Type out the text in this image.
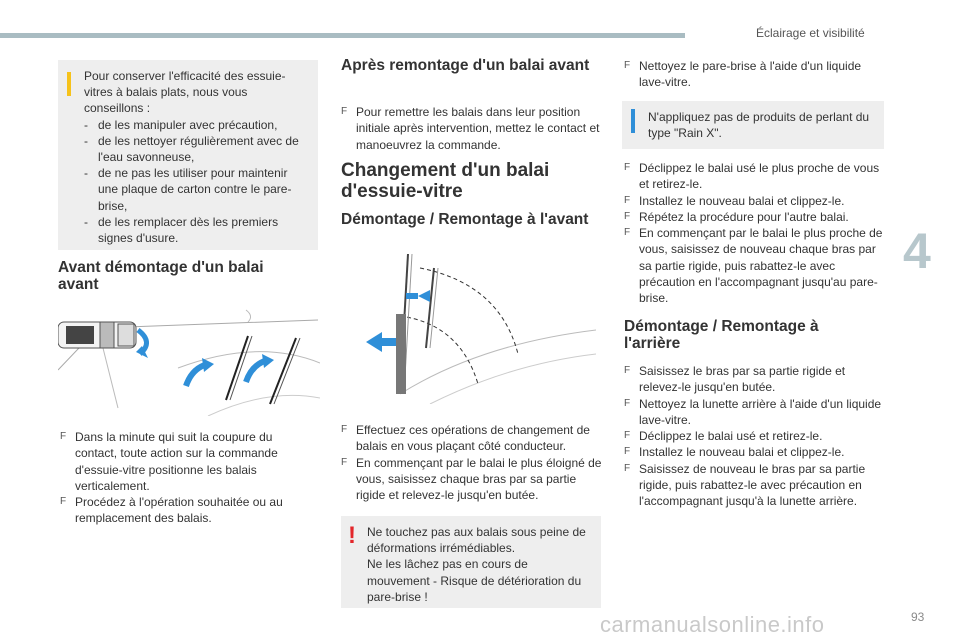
Éclairage et visibilité
4
93
carmanualsonline.info

Pour conserver l'efficacité des essuie-vitres à balais plats, nous vous conseillons :

- de les manipuler avec précaution,

- de les nettoyer régulièrement avec de l'eau savonneuse,

- de ne pas les utiliser pour maintenir une plaque de carton contre le pare-brise,

- de les remplacer dès les premiers signes d'usure.

Avant démontage d'un balai avant
F Dans la minute qui suit la coupure du contact, toute action sur la commande d'essuie-vitre positionne les balais verticalement.
F Procédez à l'opération souhaitée ou au remplacement des balais.
Après remontage d'un balai avant
F Pour remettre les balais dans leur position initiale après intervention, mettez le contact et manoeuvrez la commande.
Changement d'un balai d'essuie-vitre
Démontage / Remontage à l'avant
F Effectuez ces opérations de changement de balais en vous plaçant côté conducteur.
F En commençant par le balai le plus éloigné de vous, saisissez chaque bras par sa partie rigide et relevez-le jusqu'en butée.
! Ne touchez pas aux balais sous peine de déformations irrémédiables.

Ne les lâchez pas en cours de mouvement - Risque de détérioration du pare-brise !

F Nettoyez le pare-brise à l'aide d'un liquide lave-vitre.

N'appliquez pas de produits de perlant du type "Rain X".

F Déclippez le balai usé le plus proche de vous et retirez-le.
F Installez le nouveau balai et clippez-le.
F Répétez la procédure pour l'autre balai.
F En commençant par le balai le plus proche de vous, saisissez de nouveau chaque bras par sa partie rigide, puis rabattez-le avec précaution en l'accompagnant jusqu'au pare-brise.
Démontage / Remontage à l'arrière
F Saisissez le bras par sa partie rigide et relevez-le jusqu'en butée.
F Nettoyez la lunette arrière à l'aide d'un liquide lave-vitre.
F Déclippez le balai usé et retirez-le.
F Installez le nouveau balai et clippez-le.
F Saisissez de nouveau le bras par sa partie rigide, puis rabattez-le avec précaution en l'accompagnant jusqu'à la lunette arrière.
